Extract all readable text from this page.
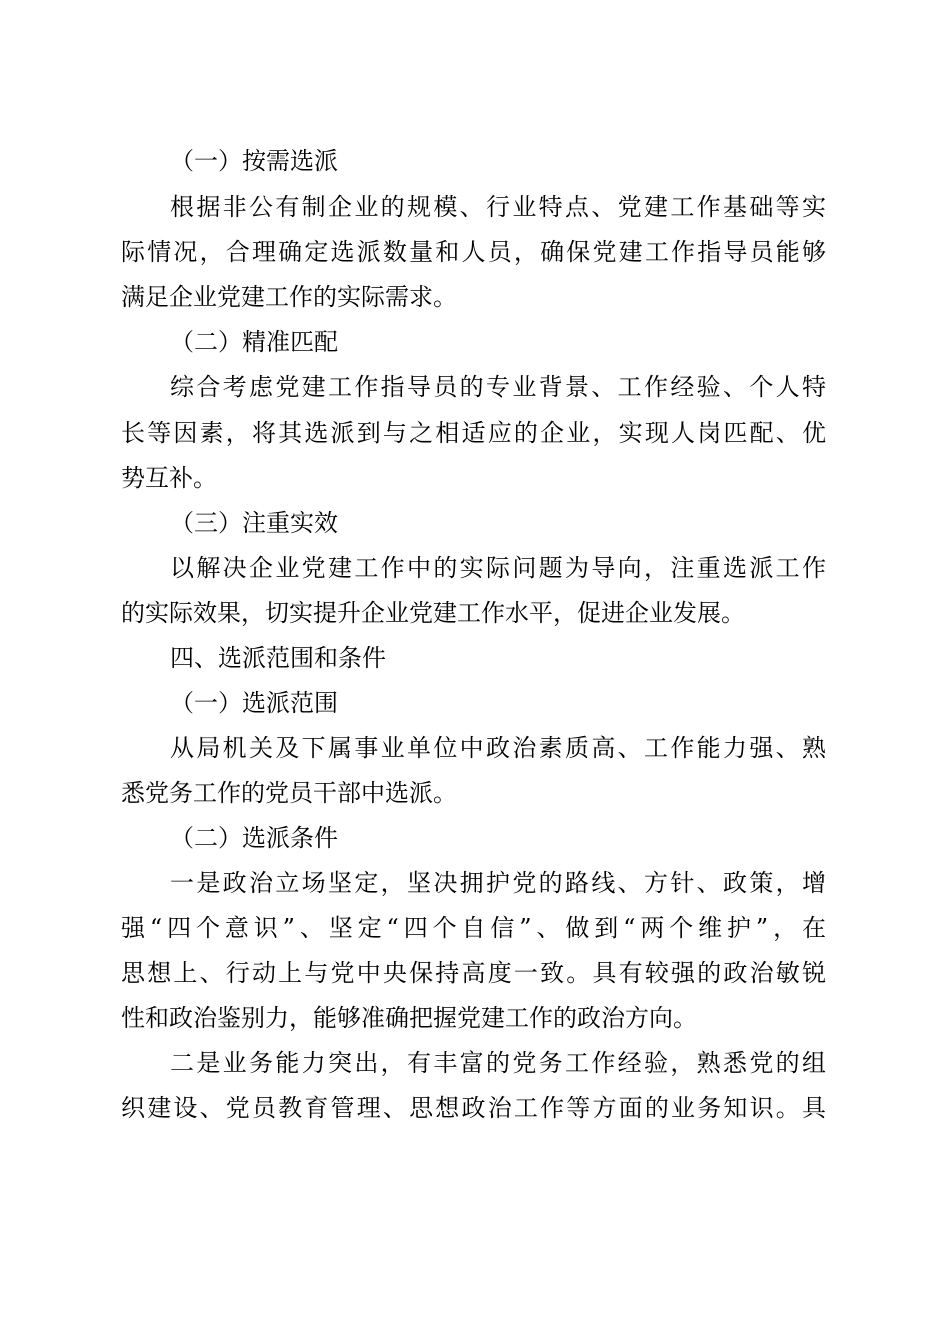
（一）按需选派

根据非公有制企业的规模、行业特点、党建工作基础等实

际情况，合理确定选派数量和人员，确保党建工作指导员能够

满足企业党建工作的实际需求。

（二）精准匹配

综合考虑党建工作指导员的专业背景、工作经验、个人特

长等因素，将其选派到与之相适应的企业，实现人岗匹配、优

势互补。

（三）注重实效

以解决企业党建工作中的实际问题为导向，注重选派工作

的实际效果，切实提升企业党建工作水平，促进企业发展。

四、选派范围和条件

（一）选派范围

从局机关及下属事业单位中政治素质高、工作能力强、熟

悉党务工作的党员干部中选派。

（二）选派条件

一是政治立场坚定，坚决拥护党的路线、方针、政策，增

强“四个意识”、坚定“四个自信”、做到“两个维护”，在

思想上、行动上与党中央保持高度一致。具有较强的政治敏锐

性和政治鉴别力，能够准确把握党建工作的政治方向。

二是业务能力突出，有丰富的党务工作经验，熟悉党的组

织建设、党员教育管理、思想政治工作等方面的业务知识。具
